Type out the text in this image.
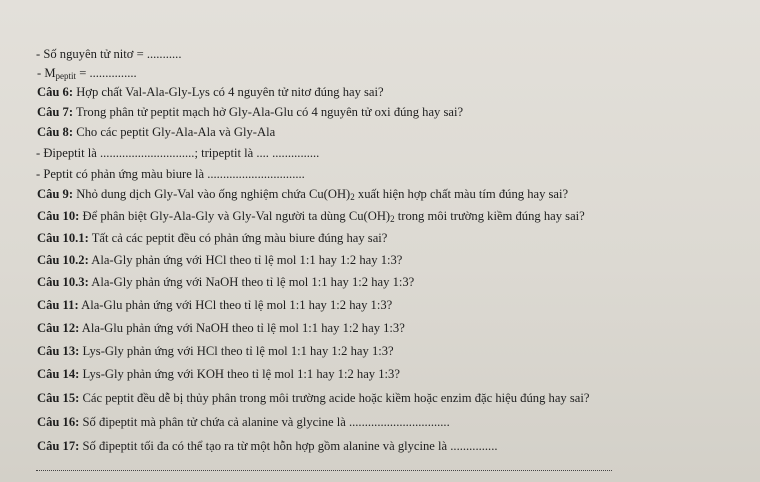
- Số nguyên tử nitơ = ...........
- $M_{peptit}$ = ...............
Câu 6: Hợp chất Val-Ala-Gly-Lys có 4 nguyên tử nitơ đúng hay sai?
Câu 7: Trong phân tử peptit mạch hở Gly-Ala-Glu có 4 nguyên tử oxi đúng hay sai?
Câu 8: Cho các peptit Gly-Ala-Ala và Gly-Ala
- Đipeptit là ..............................; tripeptit là .... ...............
- Peptit có phản ứng màu biure là ...............................
Câu 9: Nhỏ dung dịch Gly-Val vào ống nghiệm chứa $Cu(OH)_2$ xuất hiện hợp chất màu tím đúng hay sai?
Câu 10: Để phân biệt Gly-Ala-Gly và Gly-Val người ta dùng $Cu(OH)_2$ trong môi trường kiềm đúng hay sai?
Câu 10.1: Tất cả các peptit đều có phản ứng màu biure đúng hay sai?
Câu 10.2: Ala-Gly phản ứng với HCl theo tỉ lệ mol 1:1 hay 1:2 hay 1:3?
Câu 10.3: Ala-Gly phản ứng với NaOH theo tỉ lệ mol 1:1 hay 1:2 hay 1:3?
Câu 11: Ala-Glu phản ứng với HCl theo tỉ lệ mol 1:1 hay 1:2 hay 1:3?
Câu 12: Ala-Glu phản ứng với NaOH theo tỉ lệ mol 1:1 hay 1:2 hay 1:3?
Câu 13: Lys-Gly phản ứng với HCl theo tỉ lệ mol 1:1 hay 1:2 hay 1:3?
Câu 14: Lys-Gly phản ứng với KOH theo tỉ lệ mol 1:1 hay 1:2 hay 1:3?
Câu 15: Các peptit đều dễ bị thủy phân trong môi trường acide hoặc kiềm hoặc enzim đặc hiệu đúng hay sai?
Câu 16: Số đipeptit mà phân tử chứa cả alanine và glycine là ................................
Câu 17: Số đipeptit tối đa có thể tạo ra từ một hỗn hợp gồm alanine và glycine là ...............
